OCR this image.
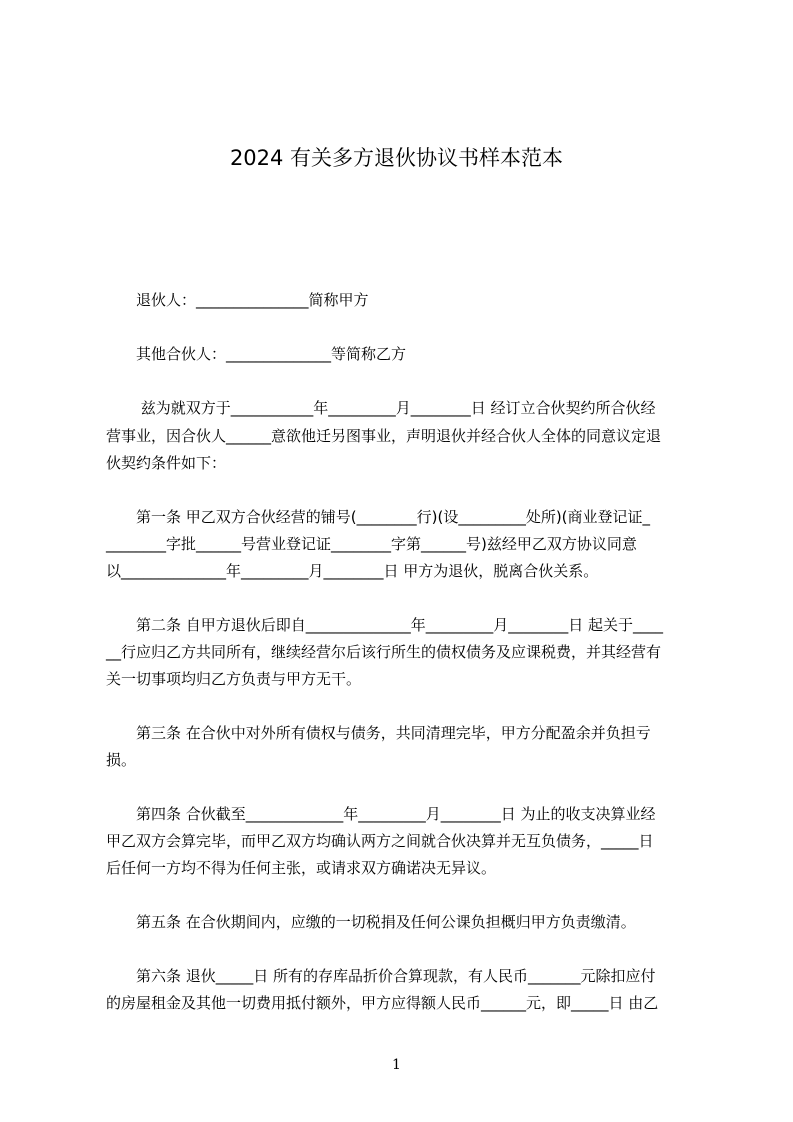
2024 有关多方退伙协议书样本范本
　　退伙人：_______________简称甲方
　　其他合伙人：______________等简称乙方
　　 兹为就双方于___________年_________月________日 经订立合伙契约所合伙经
营事业，因合伙人______意欲他迁另图事业，声明退伙并经合伙人全体的同意议定退
伙契约条件如下：
　　第一条 甲乙双方合伙经营的铺号(________行)(设_________处所)(商业登记证_
________字批______号营业登记证________字第______号)兹经甲乙双方协议同意
以______________年_________月________日 甲方为退伙，脱离合伙关系。
　　第二条 自甲方退伙后即自______________年_________月________日 起关于____
__行应归乙方共同所有，继续经营尔后该行所生的债权债务及应课税费，并其经营有
关一切事项均归乙方负责与甲方无干。
　　第三条 在合伙中对外所有债权与债务，共同清理完毕，甲方分配盈余并负担亏
损。
　　第四条 合伙截至_____________年_________月________日 为止的收支决算业经
甲乙双方会算完毕，而甲乙双方均确认两方之间就合伙决算并无互负债务，_____日
后任何一方均不得为任何主张，或请求双方确诺决无异议。
　　第五条 在合伙期间内，应缴的一切税捐及任何公课负担概归甲方负责缴清。
　　第六条 退伙_____日 所有的存库品折价合算现款，有人民币_______元除扣应付
的房屋租金及其他一切费用抵付额外，甲方应得额人民币______元，即_____日 由乙
1
